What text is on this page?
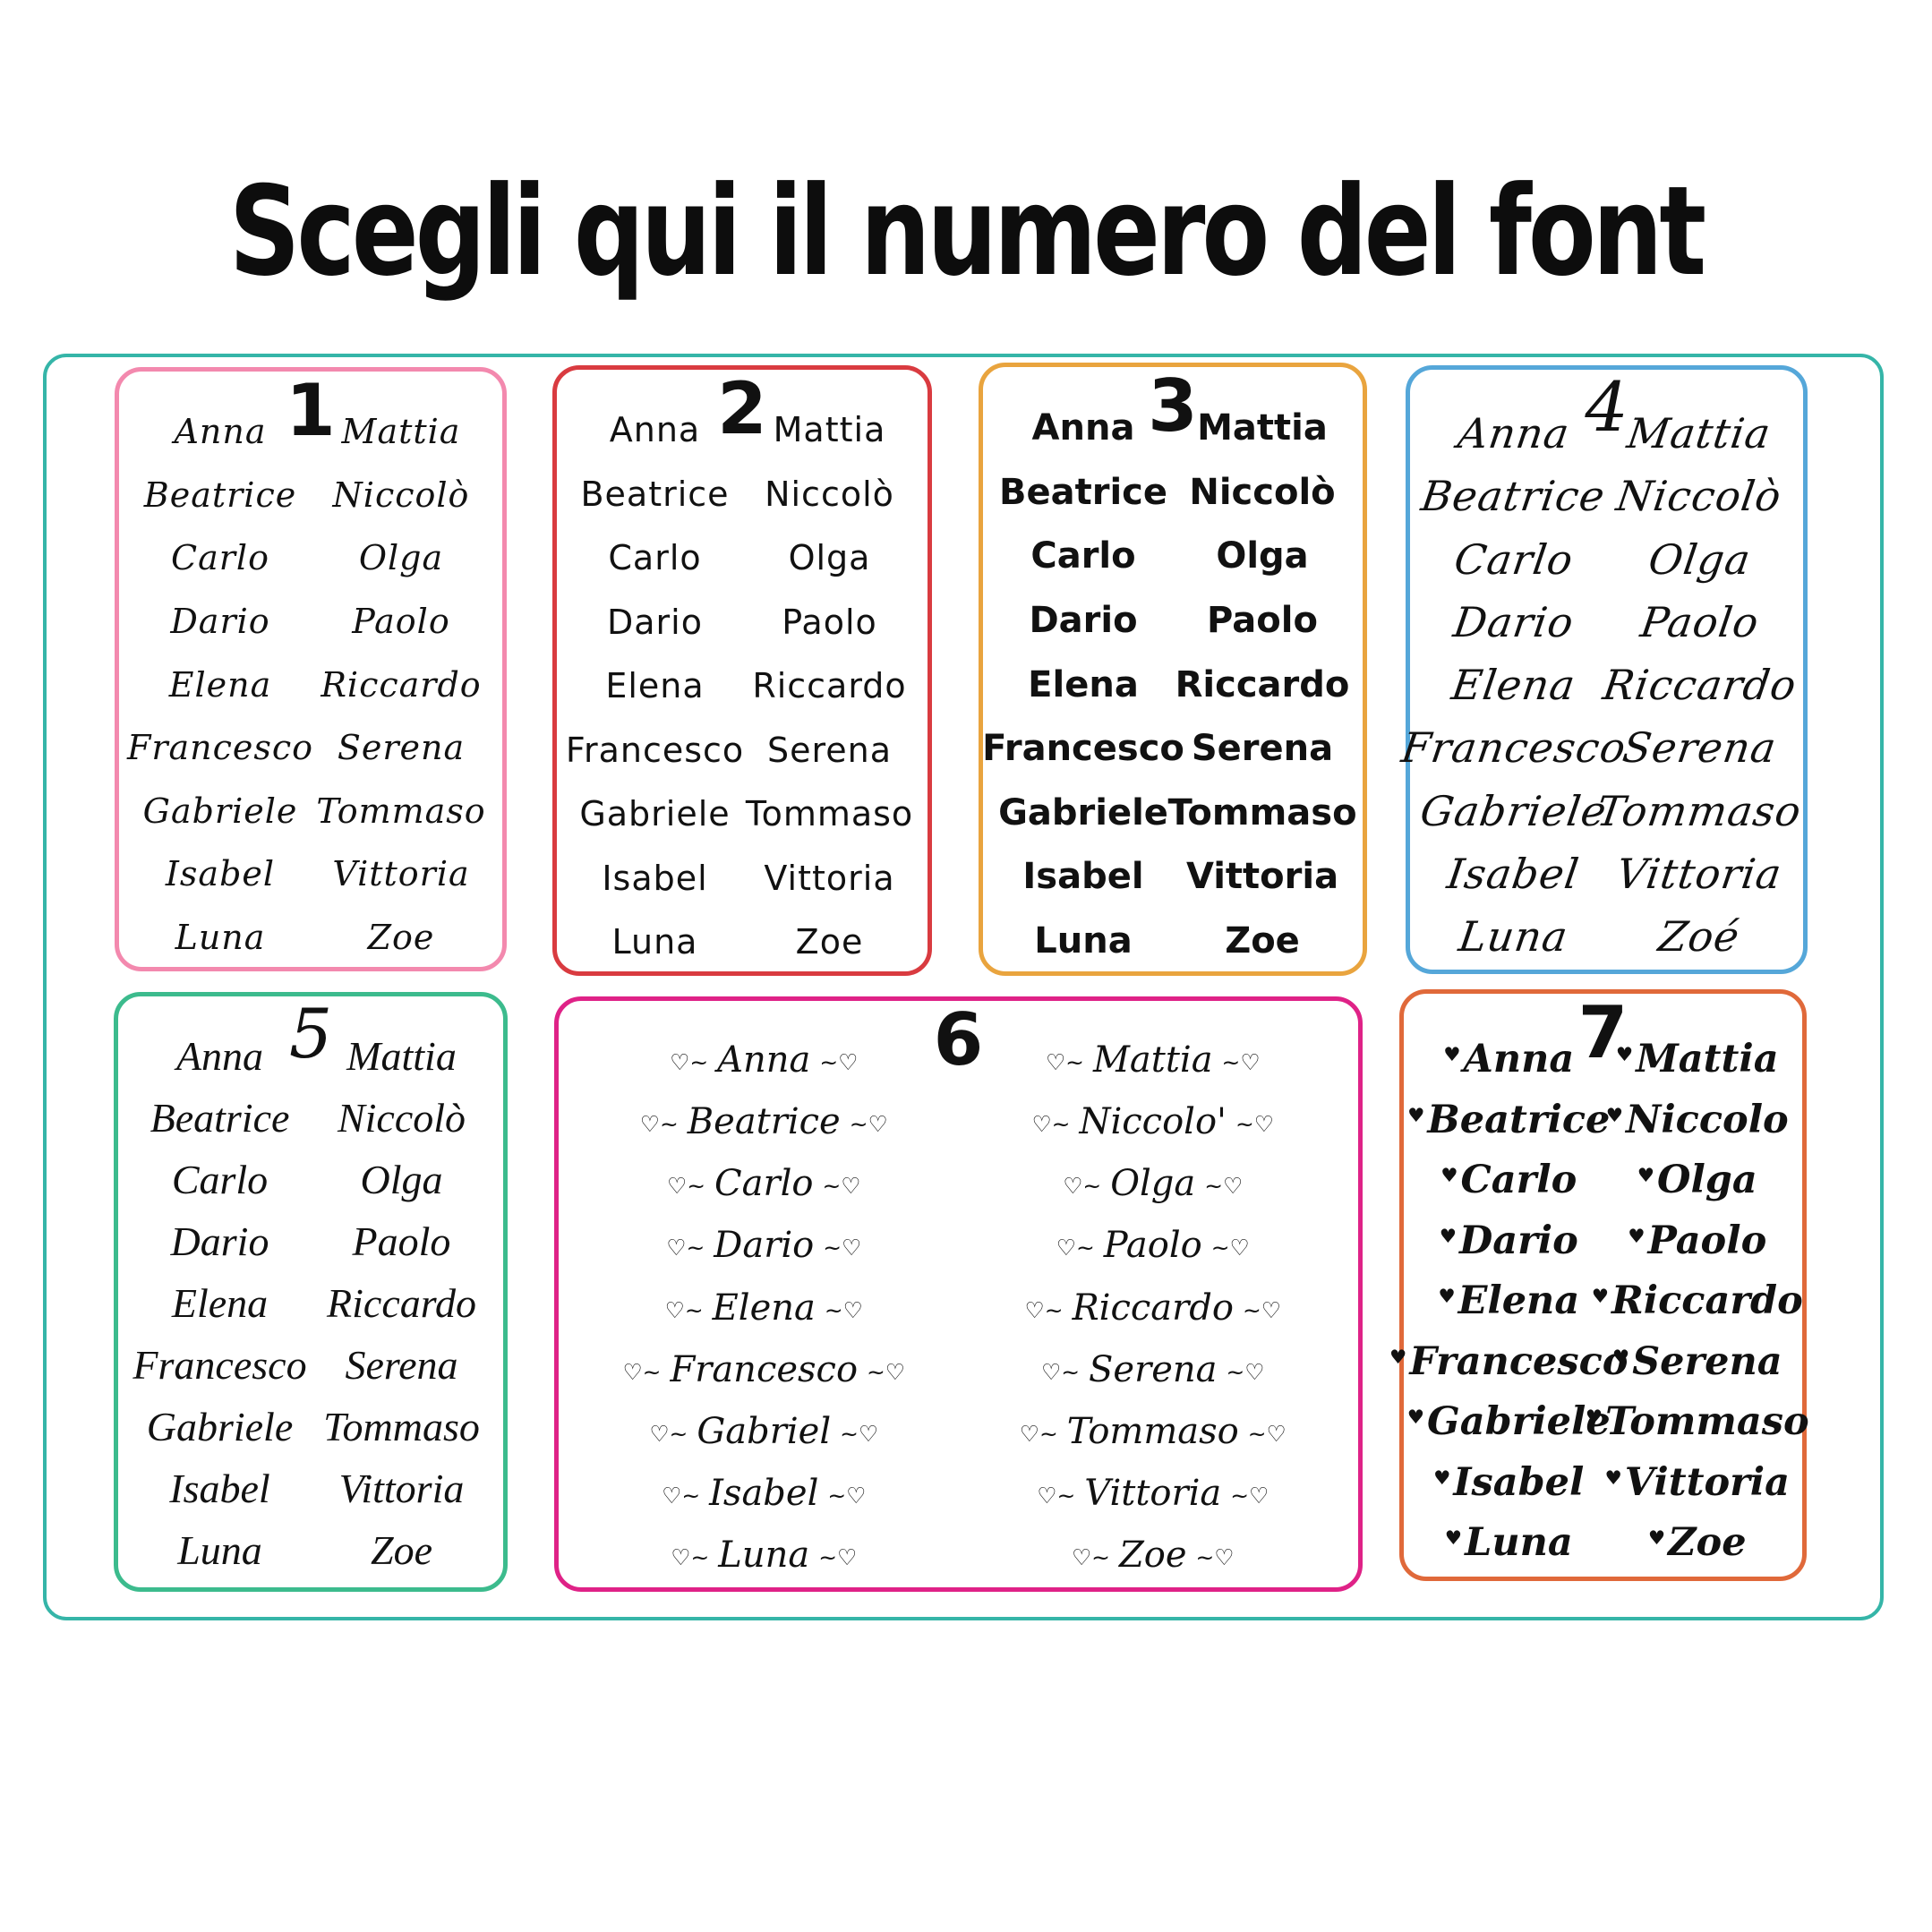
Scegli qui il numero del font
1
Anna
Beatrice
Carlo
Dario
Elena
Francesco
Gabriele
Isabel
Luna
Mattia
Niccolò
Olga
Paolo
Riccardo
Serena
Tommaso
Vittoria
Zoe
2
Anna
Beatrice
Carlo
Dario
Elena
Francesco
Gabriele
Isabel
Luna
Mattia
Niccolò
Olga
Paolo
Riccardo
Serena
Tommaso
Vittoria
Zoe
3
Anna
Beatrice
Carlo
Dario
Elena
Francesco
Gabriele
Isabel
Luna
Mattia
Niccolò
Olga
Paolo
Riccardo
Serena
Tommaso
Vittoria
Zoe
4
Anna
Beatrice
Carlo
Dario
Elena
Francesco
Gabriele
Isabel
Luna
Mattia
Niccolò
Olga
Paolo
Riccardo
Serena
Tommaso
Vittoria
Zoé
5
Anna
Beatrice
Carlo
Dario
Elena
Francesco
Gabriele
Isabel
Luna
Mattia
Niccolò
Olga
Paolo
Riccardo
Serena
Tommaso
Vittoria
Zoe
6
♡~ Anna ~♡
♡~ Beatrice ~♡
♡~ Carlo ~♡
♡~ Dario ~♡
♡~ Elena ~♡
♡~ Francesco ~♡
♡~ Gabriel ~♡
♡~ Isabel ~♡
♡~ Luna ~♡
♡~ Mattia ~♡
♡~ Niccolo' ~♡
♡~ Olga ~♡
♡~ Paolo ~♡
♡~ Riccardo ~♡
♡~ Serena ~♡
♡~ Tommaso ~♡
♡~ Vittoria ~♡
♡~ Zoe ~♡
7
♥ Anna
♥ Beatrice
♥ Carlo
♥ Dario
♥ Elena
♥ Francesco
♥ Gabriele
♥ Isabel
♥ Luna
♥ Mattia
♥ Niccolo
♥ Olga
♥ Paolo
♥ Riccardo
♥ Serena
♥ Tommaso
♥ Vittoria
♥ Zoe
